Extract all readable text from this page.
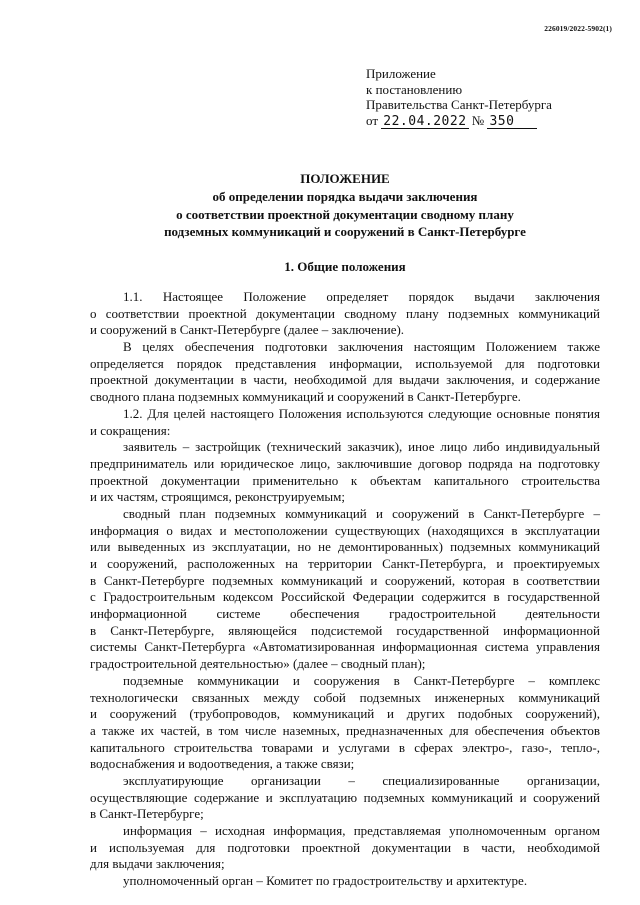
226019/2022-5902(1)
Приложение
к постановлению
Правительства Санкт-Петербурга
от 22.04.2022 № 350
ПОЛОЖЕНИЕ
об определении порядка выдачи заключения
о соответствии проектной документации сводному плану
подземных коммуникаций и сооружений в Санкт-Петербурге
1. Общие положения
1.1. Настоящее Положение определяет порядок выдачи заключения
о соответствии проектной документации сводному плану подземных коммуникаций
и сооружений в Санкт-Петербурге (далее – заключение).
В целях обеспечения подготовки заключения настоящим Положением также
определяется порядок представления информации, используемой для подготовки
проектной документации в части, необходимой для выдачи заключения, и содержание
сводного плана подземных коммуникаций и сооружений в Санкт-Петербурге.
1.2. Для целей настоящего Положения используются следующие основные понятия
и сокращения:
заявитель – застройщик (технический заказчик), иное лицо либо индивидуальный
предприниматель или юридическое лицо, заключившие договор подряда на подготовку
проектной документации применительно к объектам капитального строительства
и их частям, строящимся, реконструируемым;
сводный план подземных коммуникаций и сооружений в Санкт-Петербурге –
информация о видах и местоположении существующих (находящихся в эксплуатации
или выведенных из эксплуатации, но не демонтированных) подземных коммуникаций
и сооружений, расположенных на территории Санкт-Петербурга, и проектируемых
в Санкт-Петербурге подземных коммуникаций и сооружений, которая в соответствии
с Градостроительным кодексом Российской Федерации содержится в государственной
информационной системе обеспечения градостроительной деятельности
в Санкт-Петербурге, являющейся подсистемой государственной информационной
системы Санкт-Петербурга «Автоматизированная информационная система управления
градостроительной деятельностью» (далее – сводный план);
подземные коммуникации и сооружения в Санкт-Петербурге – комплекс
технологически связанных между собой подземных инженерных коммуникаций
и сооружений (трубопроводов, коммуникаций и других подобных сооружений),
а также их частей, в том числе наземных, предназначенных для обеспечения объектов
капитального строительства товарами и услугами в сферах электро-, газо-, тепло-,
водоснабжения и водоотведения, а также связи;
эксплуатирующие организации – специализированные организации,
осуществляющие содержание и эксплуатацию подземных коммуникаций и сооружений
в Санкт-Петербурге;
информация – исходная информация, представляемая уполномоченным органом
и используемая для подготовки проектной документации в части, необходимой
для выдачи заключения;
уполномоченный орган – Комитет по градостроительству и архитектуре.
